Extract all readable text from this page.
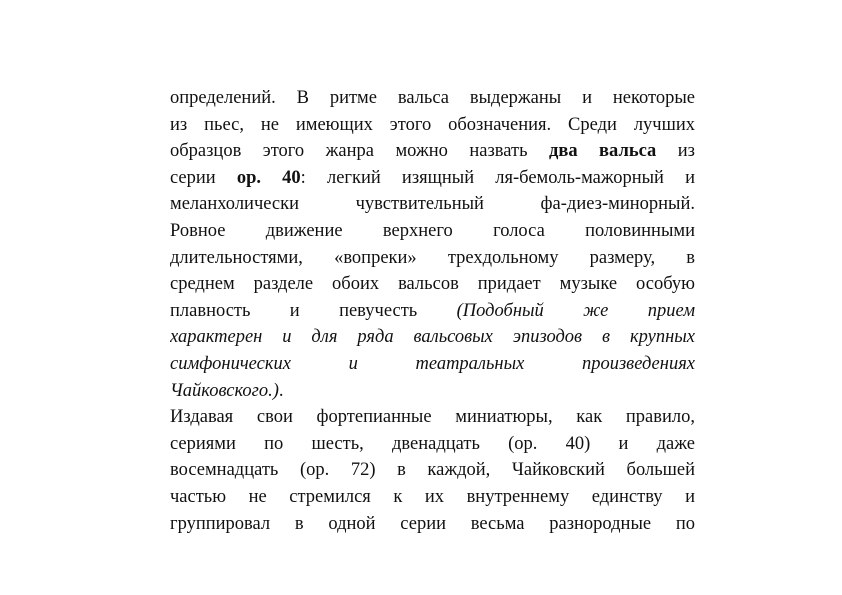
определений. В ритме вальса выдержаны и некоторые
из пьес, не имеющих этого обозначения. Среди лучших
образцов этого жанра можно назвать два вальса из
серии ор. 40: легкий изящный ля-бемоль-мажорный и
меланхолически чувствительный фа-диез-минорный.
Ровное движение верхнего голоса половинными
длительностями, «вопреки» трехдольному размеру, в
среднем разделе обоих вальсов придает музыке особую
плавность и певучесть (Подобный же прием
характерен и для ряда вальсовых эпизодов в крупных
симфонических и театральных произведениях
Чайковского.).
Издавая свои фортепианные миниатюры, как правило,
сериями по шесть, двенадцать (ор. 40) и даже
восемнадцать (ор. 72) в каждой, Чайковский большей
частью не стремился к их внутреннему единству и
группировал в одной серии весьма разнородные по
